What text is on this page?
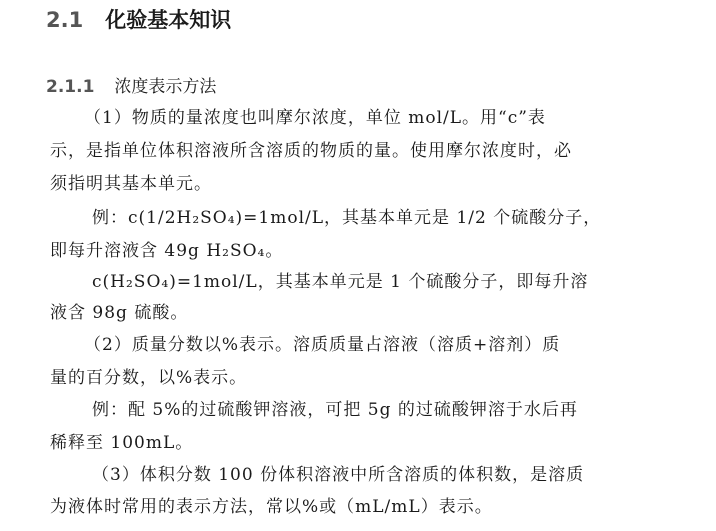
2.1 化验基本知识
2.1.1 浓度表示方法
（1）物质的量浓度也叫摩尔浓度，单位 mol/L。用“c”表
示，是指单位体积溶液所含溶质的物质的量。使用摩尔浓度时，必
须指明其基本单元。
例：c(1/2H₂SO₄)=1mol/L，其基本单元是 1/2 个硫酸分子，
即每升溶液含 49g H₂SO₄。
c(H₂SO₄)=1mol/L，其基本单元是 1 个硫酸分子，即每升溶
液含 98g 硫酸。
（2）质量分数以%表示。溶质质量占溶液（溶质+溶剂）质
量的百分数，以%表示。
例：配 5%的过硫酸钾溶液，可把 5g 的过硫酸钾溶于水后再
稀释至 100mL。
（3）体积分数 100 份体积溶液中所含溶质的体积数，是溶质
为液体时常用的表示方法，常以%或（mL/mL）表示。
